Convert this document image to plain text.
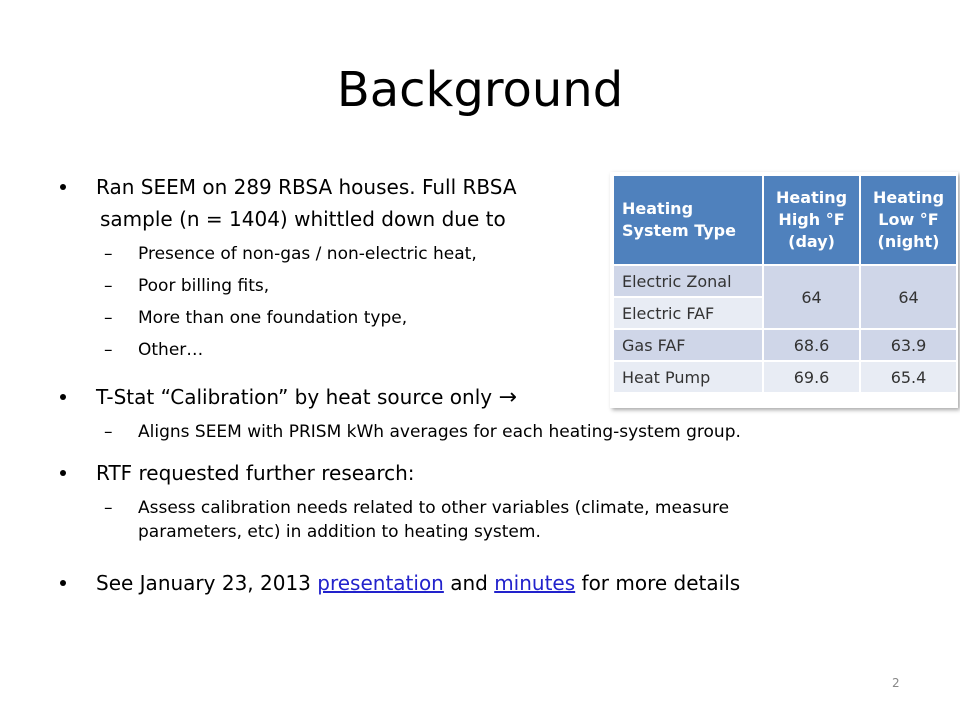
Background
Ran SEEM on 289 RBSA houses. Full RBSA
sample (n = 1404) whittled down due to
– Presence of non-gas / non-electric heat,
– Poor billing fits,
– More than one foundation type,
– Other…
T-Stat “Calibration” by heat source only →
– Aligns SEEM with PRISM kWh averages for each heating-system group.
RTF requested further research:
– Assess calibration needs related to other variables (climate, measure
parameters, etc) in addition to heating system.
See January 23, 2013 presentation and minutes for more details
Heating System Type	Heating High °F (day)	Heating Low °F (night)
Electric Zonal	64	64
Electric FAF		
Gas FAF	68.6	63.9
Heat Pump	69.6	65.4
2
